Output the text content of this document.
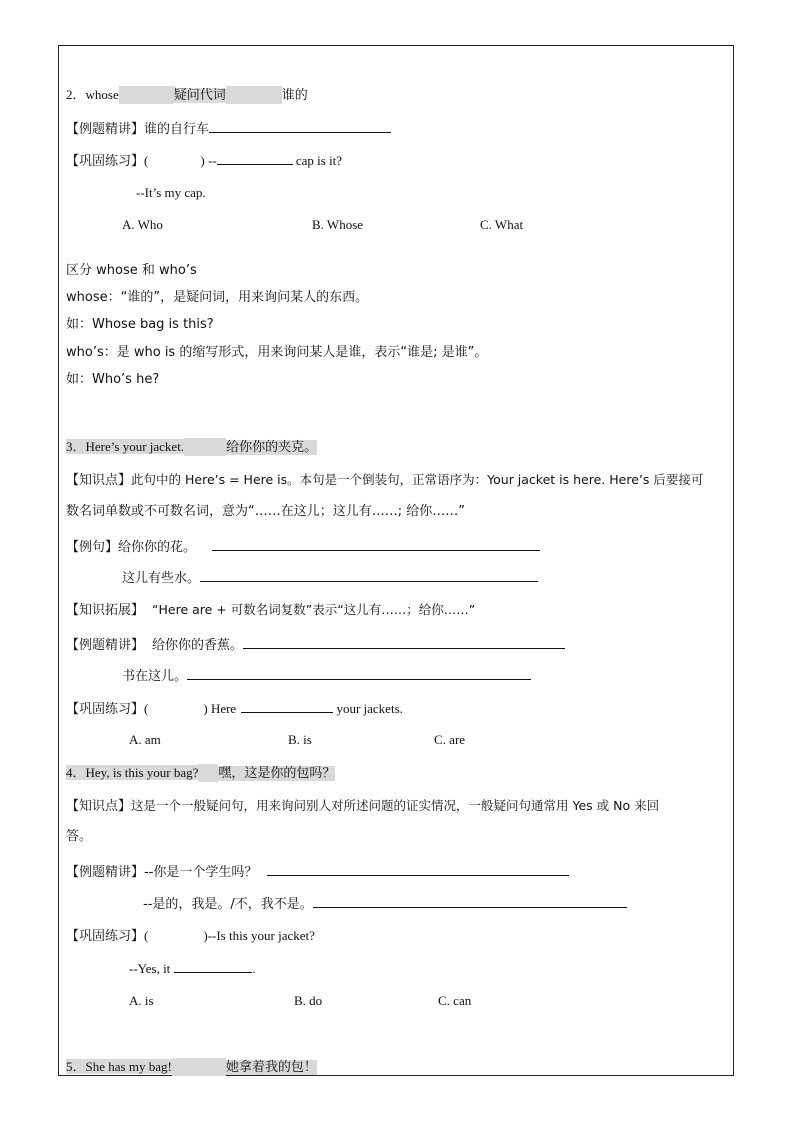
2．whose	疑问代词	谁的
【例题精讲】谁的自行车
【巩固练习】(	) --	cap is it?
--It’s my cap.
A. Who	B. Whose	C. What
区分 whose 和 who’s
whose：“谁的”，是疑问词，用来询问某人的东西。
如：Whose bag is this?
who’s：是 who is 的缩写形式，用来询问某人是谁，表示“谁是; 是谁”。
如：Who’s he?
3．Here’s your jacket.	给你你的夹克。
【知识点】此句中的 Here’s = Here is。本句是一个倒装句，正常语序为：Your jacket is here. Here’s 后要接可
数名词单数或不可数名词，意为“……在这儿；这儿有……; 给你……”
【例句】给你你的花。
这儿有些水。
【知识拓展】 “Here are + 可数名词复数”表示“这儿有……；给你……”
【例题精讲】 给你你的香蕉。
书在这儿。
【巩固练习】(	) Here	your jackets.
A. am	B. is	C. are
4．Hey, is this your bag? 嘿，这是你的包吗？
【知识点】这是一个一般疑问句，用来询问别人对所述问题的证实情况，一般疑问句通常用 Yes 或 No 来回
答。
【例题精讲】--你是一个学生吗？
--是的，我是。/不，我不是。
【巩固练习】(	)--Is this your jacket?
--Yes, it	.
A. is	B. do	C. can
5．She has my bag!	她拿着我的包！
